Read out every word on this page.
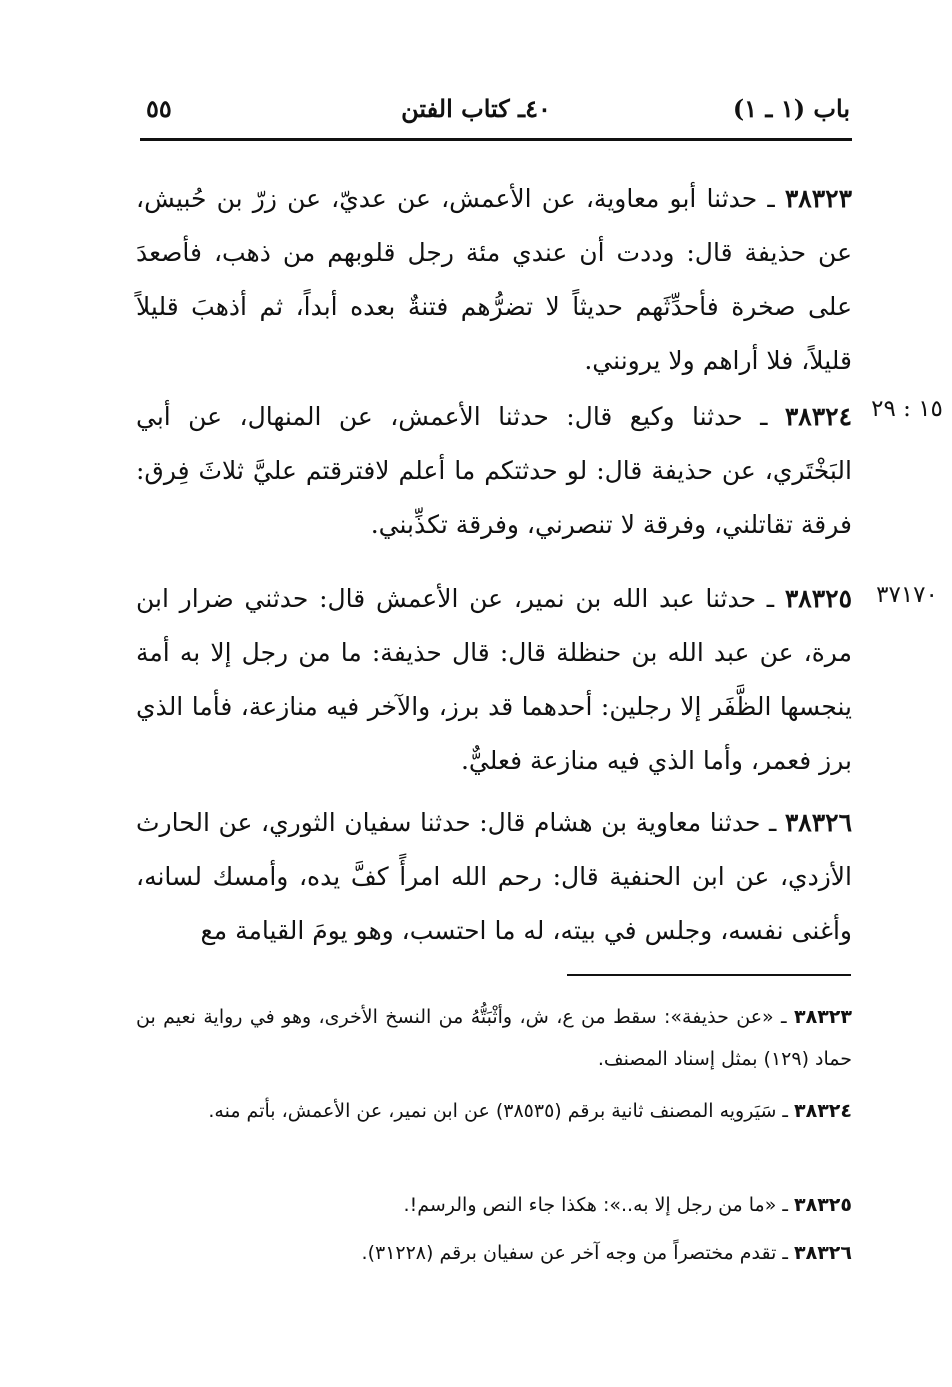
باب (١ ـ ١)
٤٠ـ كتاب الفتن
٥٥

٣٨٣٢٣ ـ حدثنا أبو معاوية، عن الأعمش، عن عديّ، عن زرّ بن حُبيش، عن حذيفة قال: وددت أن عندي مئة رجل قلوبهم من ذهب، فأصعدَ على صخرة فأحدِّثَهم حديثاً لا تضرُّهم فتنةٌ بعده أبداً، ثم أذهبَ قليلاً قليلاً، فلا أراهم ولا يرونني.

١٥ : ٢٩

٣٨٣٢٤ ـ حدثنا وكيع قال: حدثنا الأعمش، عن المنهال، عن أبي البَخْتَري، عن حذيفة قال: لو حدثتكم ما أعلم لافترقتم عليَّ ثلاثَ فِرق: فرقة تقاتلني، وفرقة لا تنصرني، وفرقة تكذِّبني.

٣٧١٧٠

٣٨٣٢٥ ـ حدثنا عبد الله بن نمير، عن الأعمش قال: حدثني ضرار ابن مرة، عن عبد الله بن حنظلة قال: قال حذيفة: ما من رجل إلا به أمة ينجسها الظَّفَر إلا رجلين: أحدهما قد برز، والآخر فيه منازعة، فأما الذي برز فعمر، وأما الذي فيه منازعة فعليٌّ.

٣٨٣٢٦ ـ حدثنا معاوية بن هشام قال: حدثنا سفيان الثوري، عن الحارث الأزدي، عن ابن الحنفية قال: رحم الله امرأً كفَّ يده، وأمسك لسانه، وأغنى نفسه، وجلس في بيته، له ما احتسب، وهو يومَ القيامة مع

٣٨٣٢٣ ـ «عن حذيفة»: سقط من ع، ش، وأثْبَتُّهُ من النسخ الأخرى، وهو في رواية نعيم بن حماد (١٢٩) بمثل إسناد المصنف.

٣٨٣٢٤ ـ سَيَرويه المصنف ثانية برقم (٣٨٥٣٥) عن ابن نمير، عن الأعمش، بأتم منه.

٣٨٣٢٥ ـ «ما من رجل إلا به..»: هكذا جاء النص والرسم!.

٣٨٣٢٦ ـ تقدم مختصراً من وجه آخر عن سفيان برقم (٣١٢٢٨).
